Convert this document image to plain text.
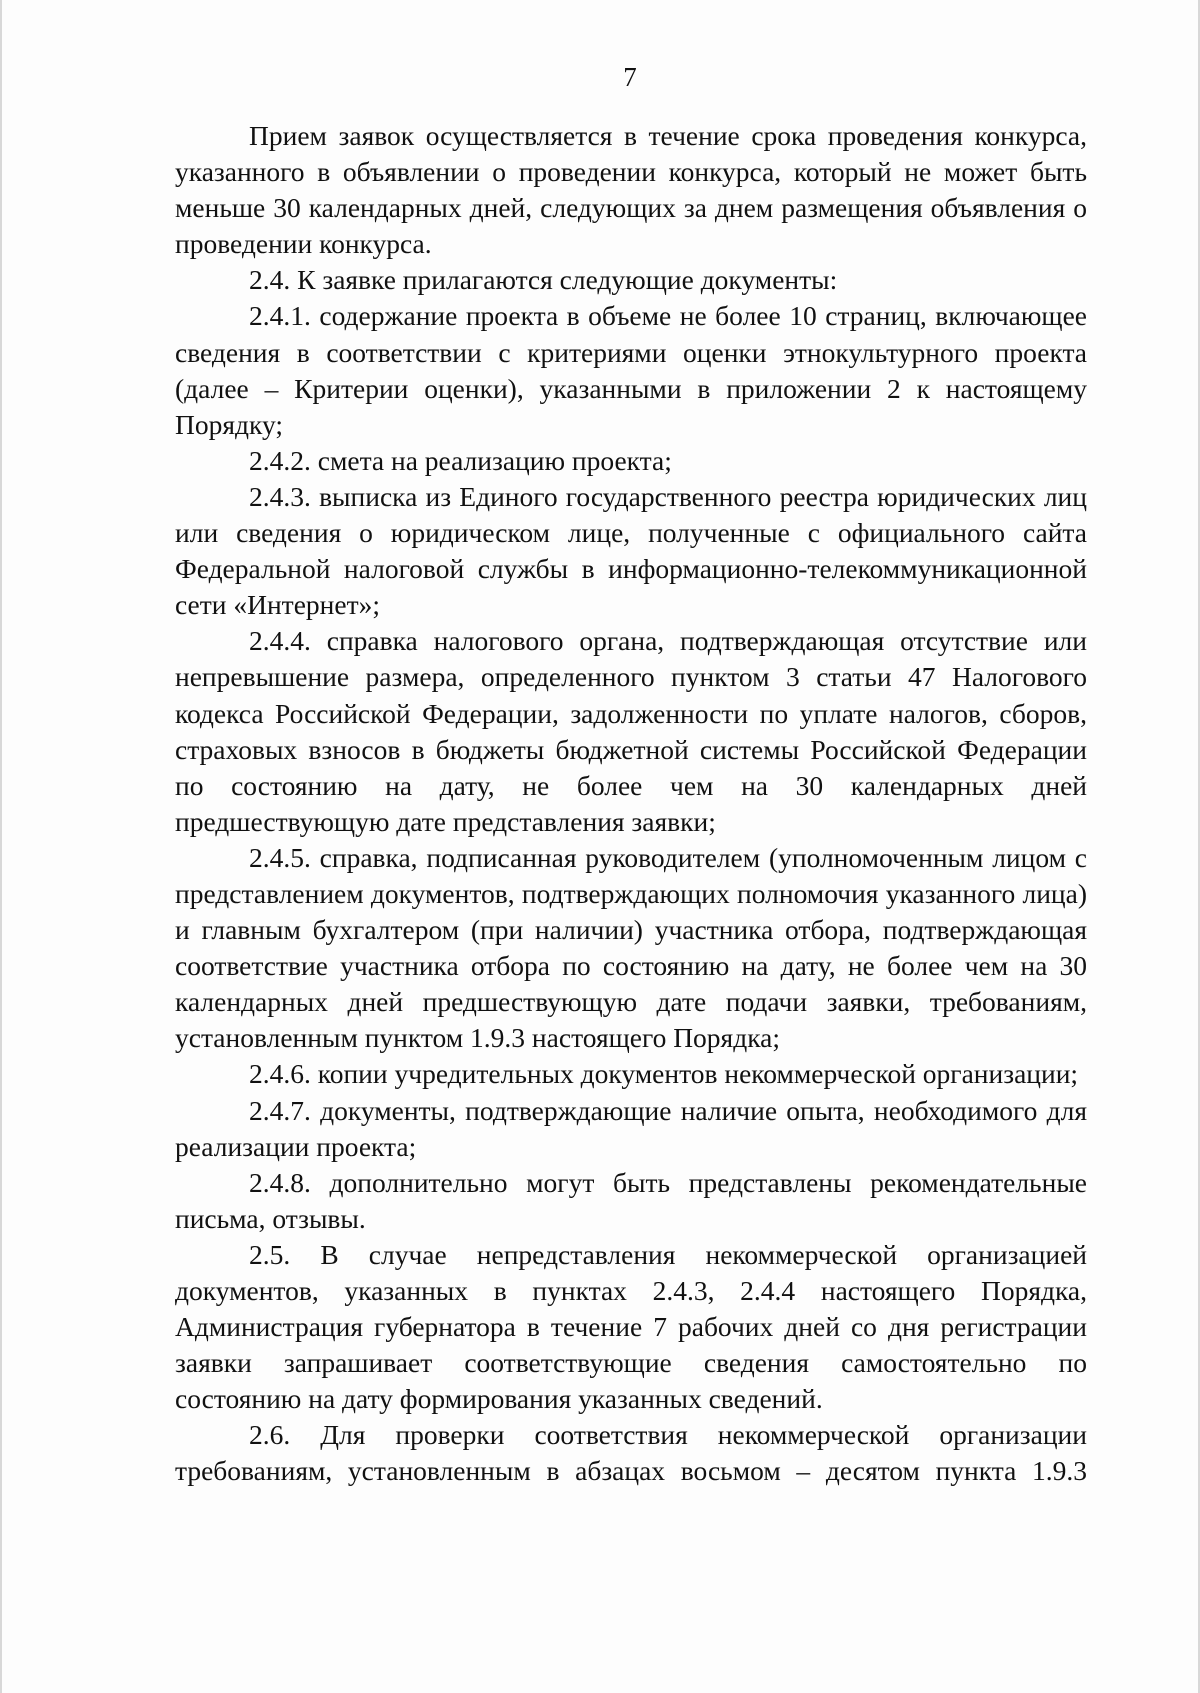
7

Прием заявок осуществляется в течение срока проведения конкурса, указанного в объявлении о проведении конкурса, который не может быть меньше 30 календарных дней, следующих за днем размещения объявления о проведении конкурса.

2.4. К заявке прилагаются следующие документы:

2.4.1. содержание проекта в объеме не более 10 страниц, включающее сведения в соответствии с критериями оценки этнокультурного проекта (далее – Критерии оценки), указанными в приложении 2 к настоящему Порядку;

2.4.2. смета на реализацию проекта;

2.4.3. выписка из Единого государственного реестра юридических лиц или сведения о юридическом лице, полученные с официального сайта Федеральной налоговой службы в информационно-телекоммуникационной сети «Интернет»;

2.4.4. справка налогового органа, подтверждающая отсутствие или непревышение размера, определенного пунктом 3 статьи 47 Налогового кодекса Российской Федерации, задолженности по уплате налогов, сборов, страховых взносов в бюджеты бюджетной системы Российской Федерации по состоянию на дату, не более чем на 30 календарных дней предшествующую дате представления заявки;

2.4.5. справка, подписанная руководителем (уполномоченным лицом с представлением документов, подтверждающих полномочия указанного лица) и главным бухгалтером (при наличии) участника отбора, подтверждающая соответствие участника отбора по состоянию на дату, не более чем на 30 календарных дней предшествующую дате подачи заявки, требованиям, установленным пунктом 1.9.3 настоящего Порядка;

2.4.6. копии учредительных документов некоммерческой организации;

2.4.7. документы, подтверждающие наличие опыта, необходимого для реализации проекта;

2.4.8. дополнительно могут быть представлены рекомендательные письма, отзывы.

2.5. В случае непредставления некоммерческой организацией документов, указанных в пунктах 2.4.3, 2.4.4 настоящего Порядка, Администрация губернатора в течение 7 рабочих дней со дня регистрации заявки запрашивает соответствующие сведения самостоятельно по состоянию на дату формирования указанных сведений.

2.6. Для проверки соответствия некоммерческой организации требованиям, установленным в абзацах восьмом – десятом пункта 1.9.3
